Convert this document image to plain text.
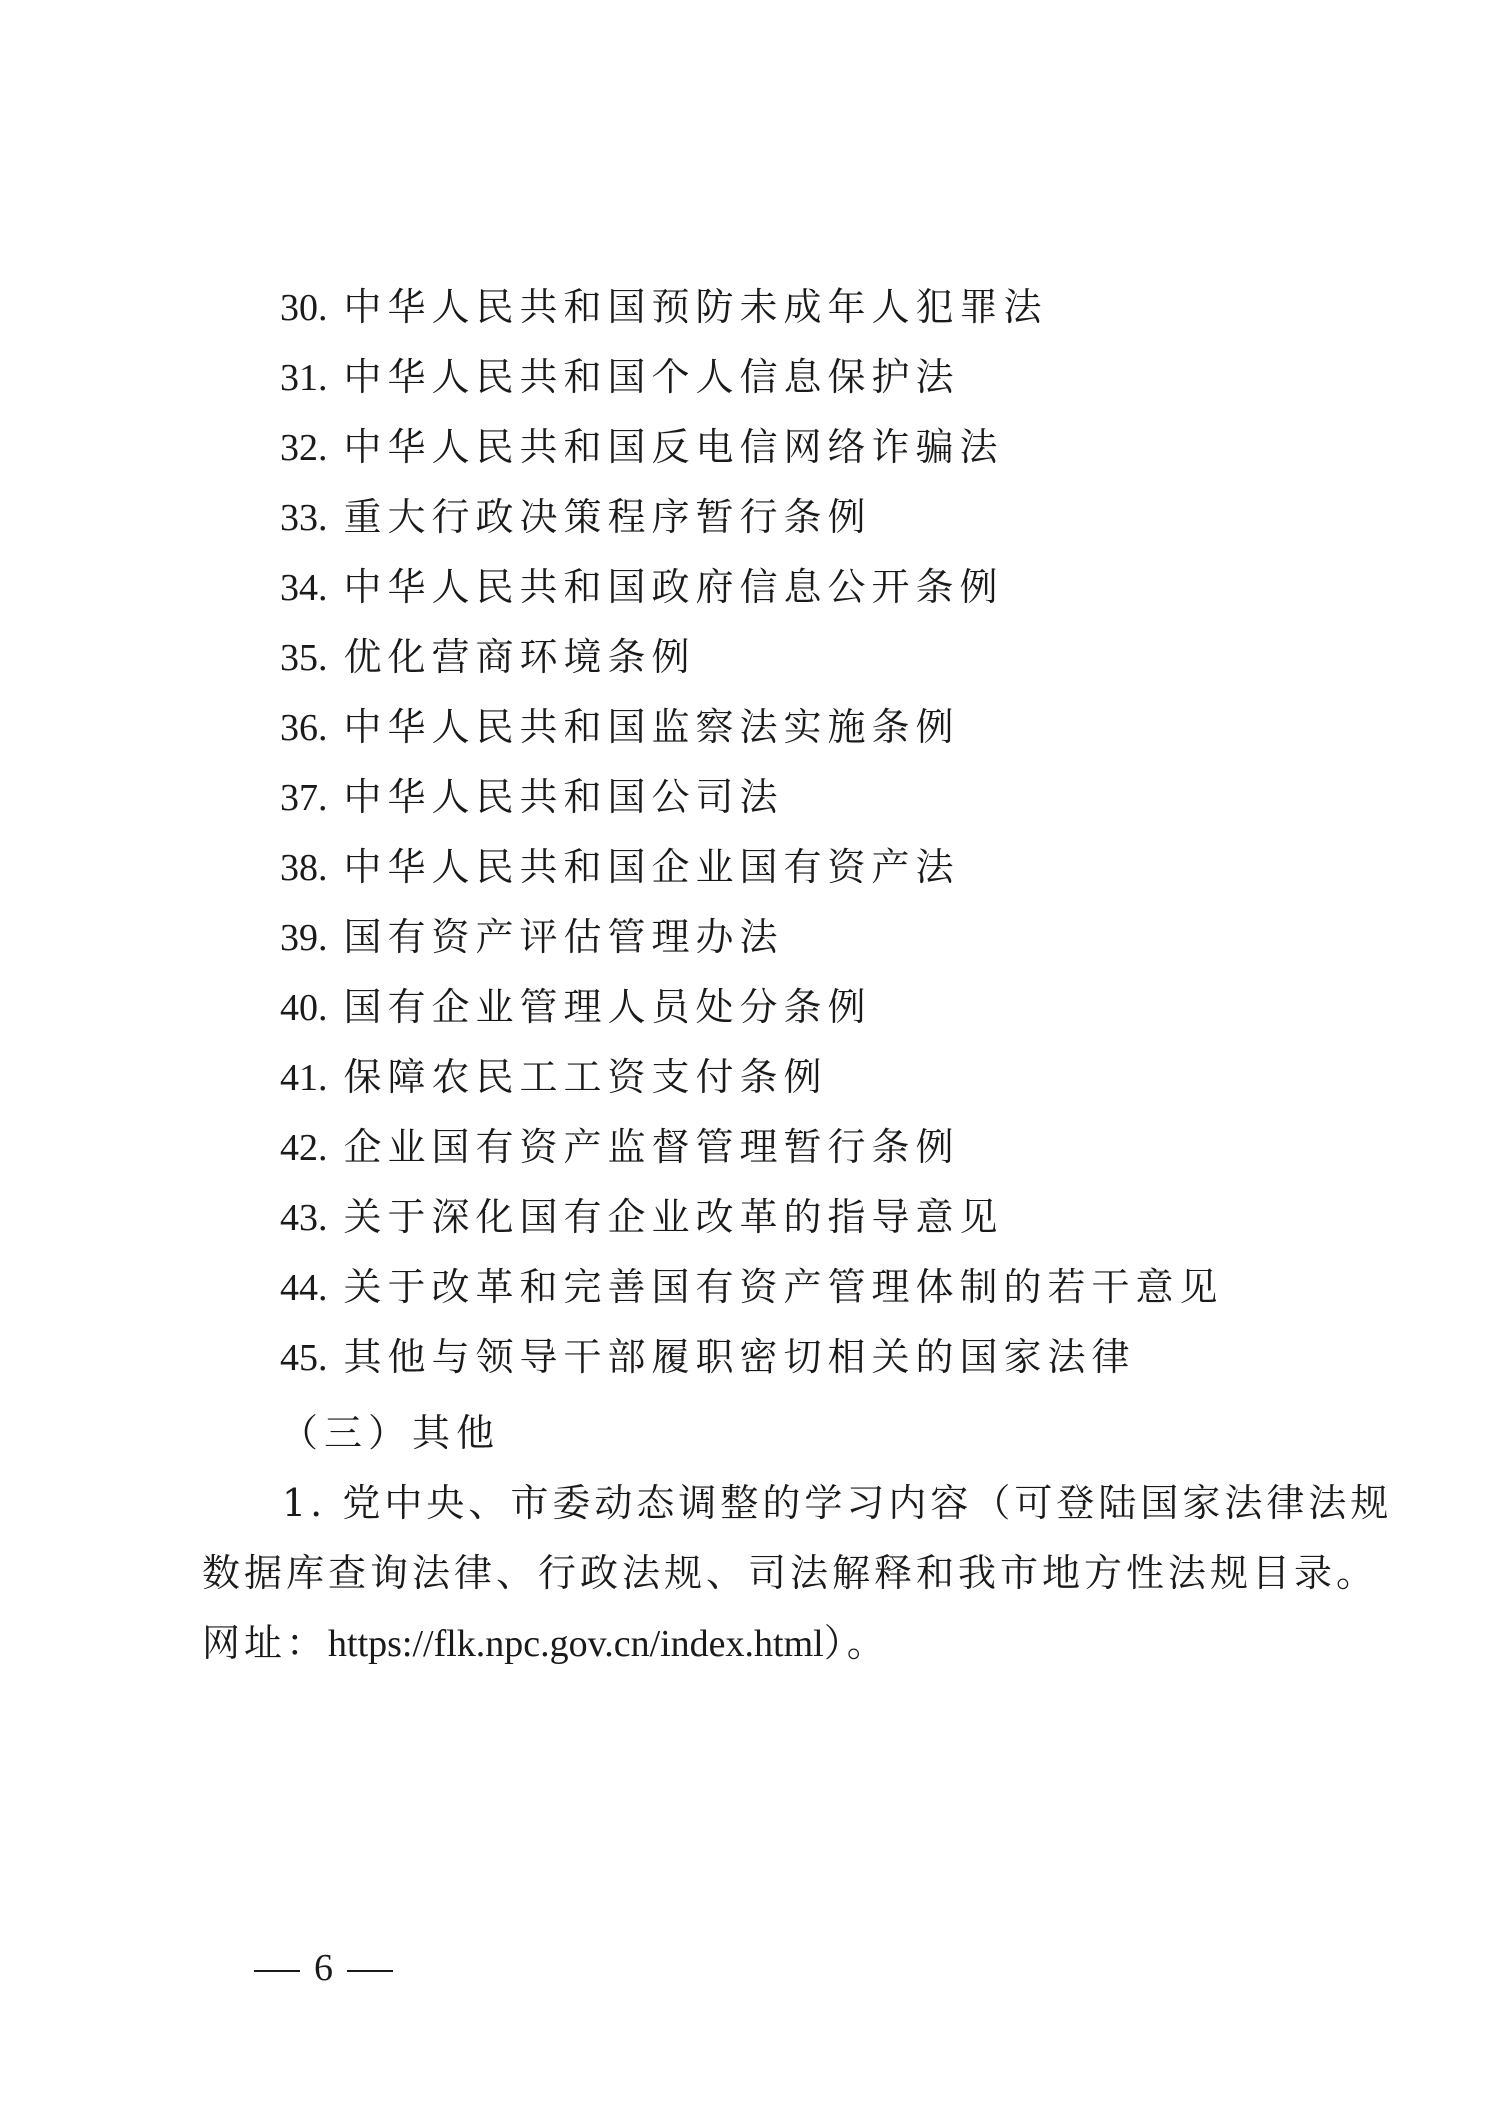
30. 中华人民共和国预防未成年人犯罪法
31. 中华人民共和国个人信息保护法
32. 中华人民共和国反电信网络诈骗法
33. 重大行政决策程序暂行条例
34. 中华人民共和国政府信息公开条例
35. 优化营商环境条例
36. 中华人民共和国监察法实施条例
37. 中华人民共和国公司法
38. 中华人民共和国企业国有资产法
39. 国有资产评估管理办法
40. 国有企业管理人员处分条例
41. 保障农民工工资支付条例
42. 企业国有资产监督管理暂行条例
43. 关于深化国有企业改革的指导意见
44. 关于改革和完善国有资产管理体制的若干意见
45. 其他与领导干部履职密切相关的国家法律
（三）其他
1. 党中央、市委动态调整的学习内容（可登陆国家法律法规
数据库查询法律、行政法规、司法解释和我市地方性法规目录。
网址：https://flk.npc.gov.cn/index.html）。
6
